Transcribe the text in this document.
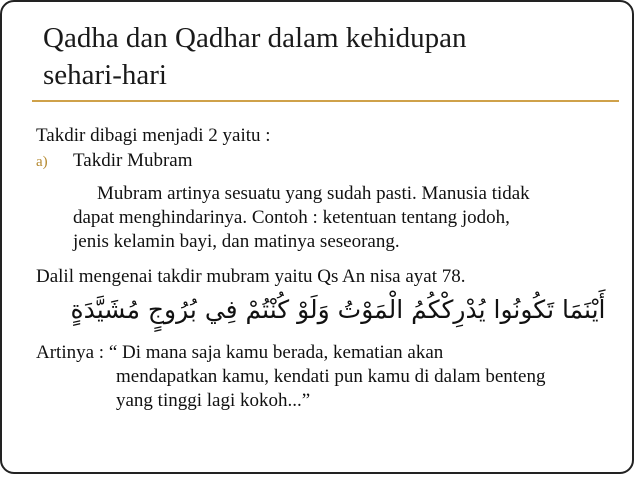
Qadha dan Qadhar dalam kehidupan
sehari-hari
Takdir dibagi menjadi 2 yaitu :
a) Takdir Mubram
Mubram artinya sesuatu yang sudah pasti. Manusia tidak
dapat menghindarinya. Contoh : ketentuan tentang jodoh,
jenis kelamin bayi, dan matinya seseorang.
Dalil mengenai takdir mubram yaitu Qs An nisa ayat 78.
أَيْنَمَا تَكُونُوا يُدْرِكْكُمُ الْمَوْتُ وَلَوْ كُنْتُمْ فِي بُرُوجٍ مُشَيَّدَةٍ
Artinya : “ Di mana saja kamu berada, kematian akan
mendapatkan kamu, kendati pun kamu di dalam benteng
yang tinggi lagi kokoh...”
